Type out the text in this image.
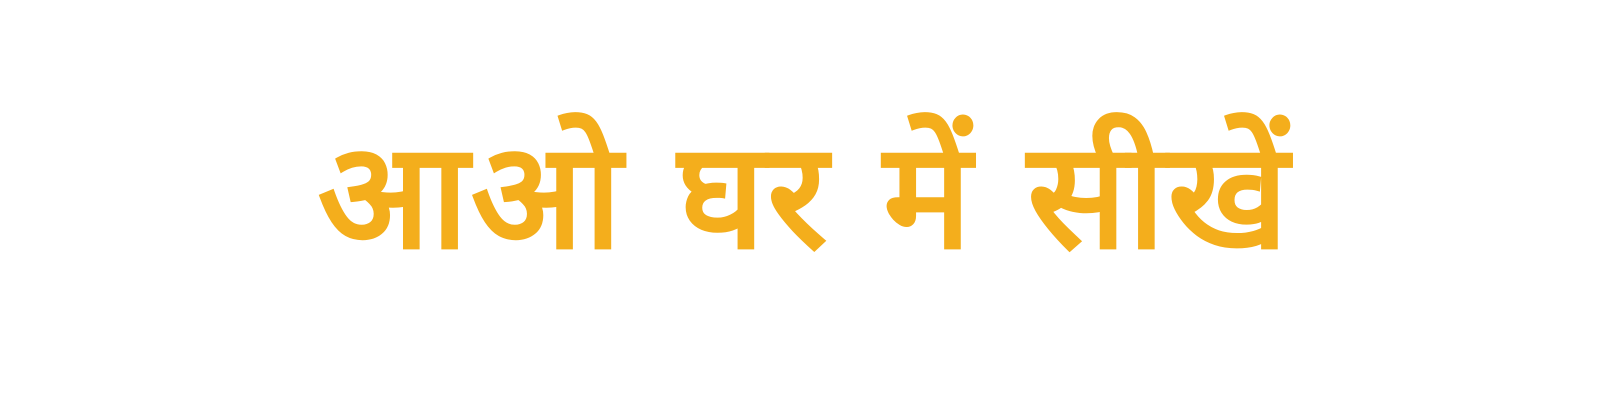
आओ घर में सीखें
